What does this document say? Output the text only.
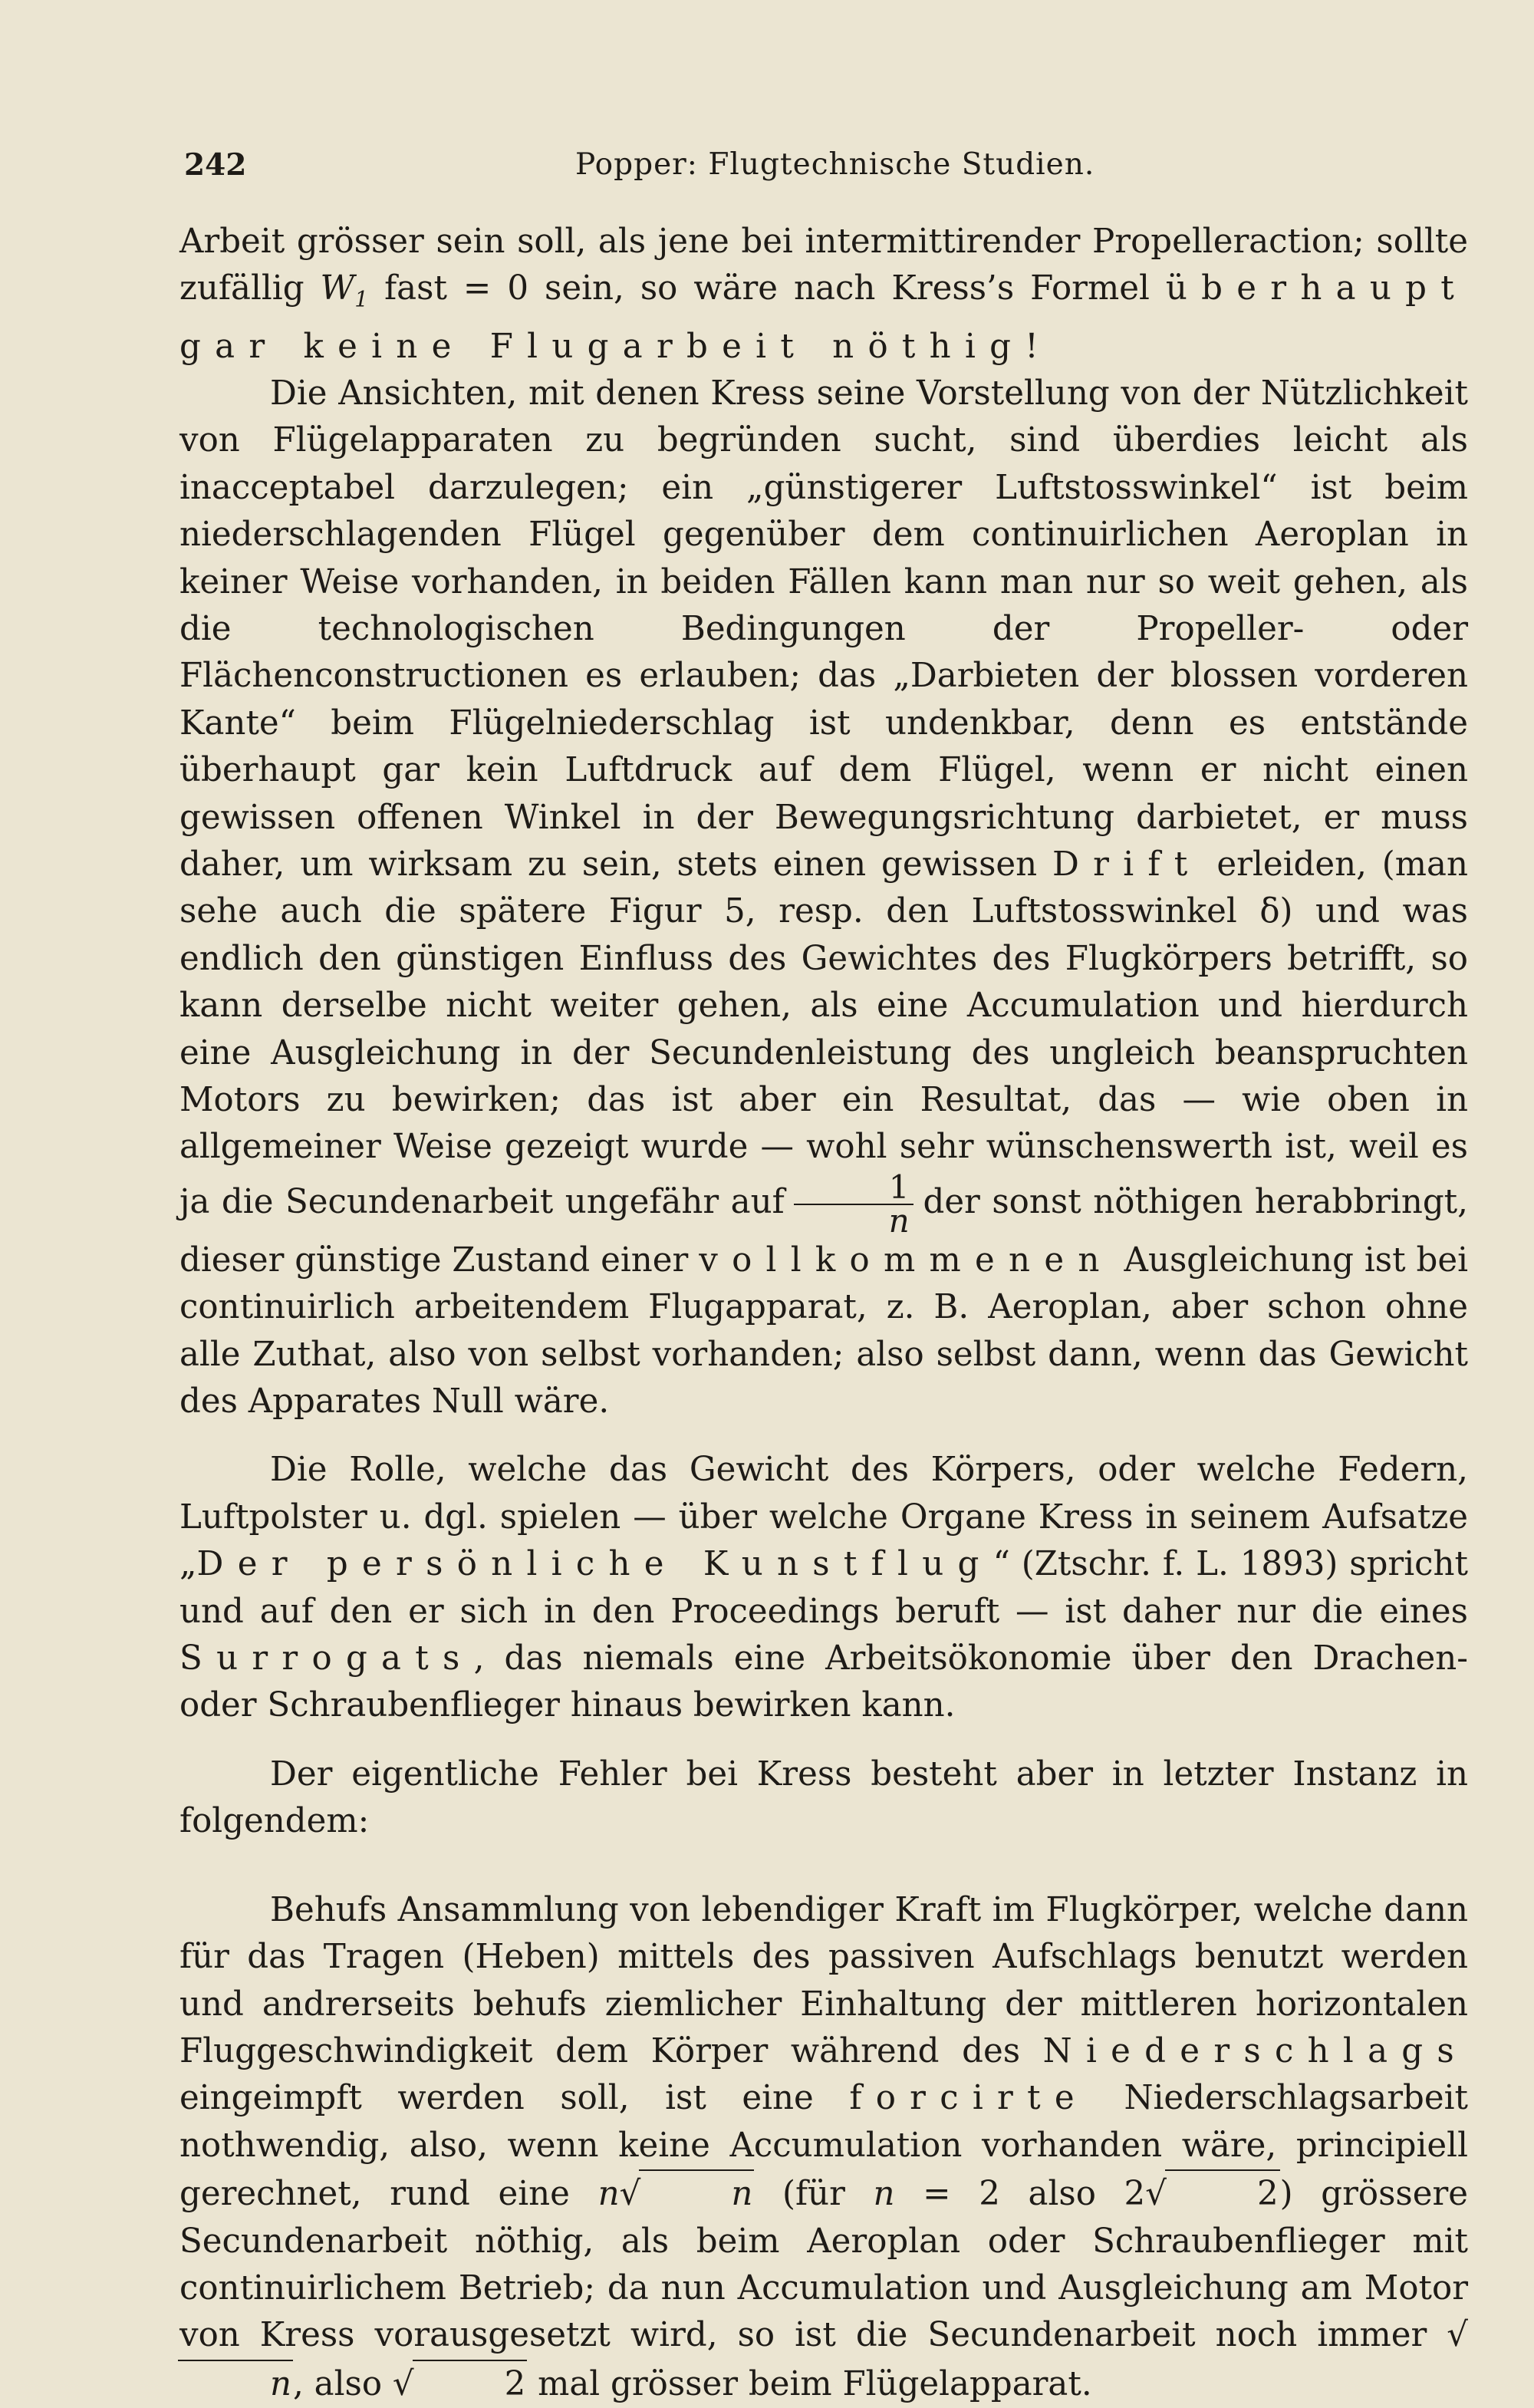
242	Popper: Flugtechnische Studien.

Arbeit grösser sein soll, als jene bei intermittirender Propelleraction; sollte zufällig $W_1$ fast = 0 sein, so wäre nach Kress’s Formel überhaupt gar keine Flugarbeit nöthig!

Die Ansichten, mit denen Kress seine Vorstellung von der Nützlichkeit von Flügelapparaten zu begründen sucht, sind überdies leicht als inacceptabel darzulegen; ein „günstigerer Luftstosswinkel“ ist beim niederschlagenden Flügel gegenüber dem continuirlichen Aeroplan in keiner Weise vorhanden, in beiden Fällen kann man nur so weit gehen, als die technologischen Bedingungen der Propeller- oder Flächenconstructionen es erlauben; das „Darbieten der blossen vorderen Kante“ beim Flügelniederschlag ist undenkbar, denn es entstände überhaupt gar kein Luftdruck auf dem Flügel, wenn er nicht einen gewissen offenen Winkel in der Bewegungsrichtung darbietet, er muss daher, um wirksam zu sein, stets einen gewissen Drift erleiden, (man sehe auch die spätere Figur 5, resp. den Luftstosswinkel δ) und was endlich den günstigen Einfluss des Gewichtes des Flugkörpers betrifft, so kann derselbe nicht weiter gehen, als eine Accumulation und hierdurch eine Ausgleichung in der Secundenleistung des ungleich beanspruchten Motors zu bewirken; das ist aber ein Resultat, das — wie oben in allgemeiner Weise gezeigt wurde — wohl sehr wünschenswerth ist, weil es ja die Secundenarbeit ungefähr auf $\frac{1}{n}$ der sonst nöthigen herabbringt, dieser günstige Zustand einer vollkommenen Ausgleichung ist bei continuirlich arbeitendem Flugapparat, z. B. Aeroplan, aber schon ohne alle Zuthat, also von selbst vorhanden; also selbst dann, wenn das Gewicht des Apparates Null wäre.

Die Rolle, welche das Gewicht des Körpers, oder welche Federn, Luftpolster u. dgl. spielen — über welche Organe Kress in seinem Aufsatze „Der persönliche Kunstflug“ (Ztschr. f. L. 1893) spricht und auf den er sich in den Proceedings beruft — ist daher nur die eines Surrogats, das niemals eine Arbeitsökonomie über den Drachen- oder Schraubenflieger hinaus bewirken kann.

Der eigentliche Fehler bei Kress besteht aber in letzter Instanz in folgendem:

Behufs Ansammlung von lebendiger Kraft im Flugkörper, welche dann für das Tragen (Heben) mittels des passiven Aufschlags benutzt werden und andrerseits behufs ziemlicher Einhaltung der mittleren horizontalen Fluggeschwindigkeit dem Körper während des Niederschlags eingeimpft werden soll, ist eine forcirte Niederschlagsarbeit nothwendig, also, wenn keine Accumulation vorhanden wäre, principiell gerechnet, rund eine n√	n (für n = 2 also 2√	2) grössere Secundenarbeit nöthig, als beim Aeroplan oder Schraubenflieger mit continuirlichem Betrieb; da nun Accumulation und Ausgleichung am Motor von Kress vorausgesetzt wird, so ist die Secundenarbeit noch immer √n, also √	2 mal grösser beim Flügelapparat.
